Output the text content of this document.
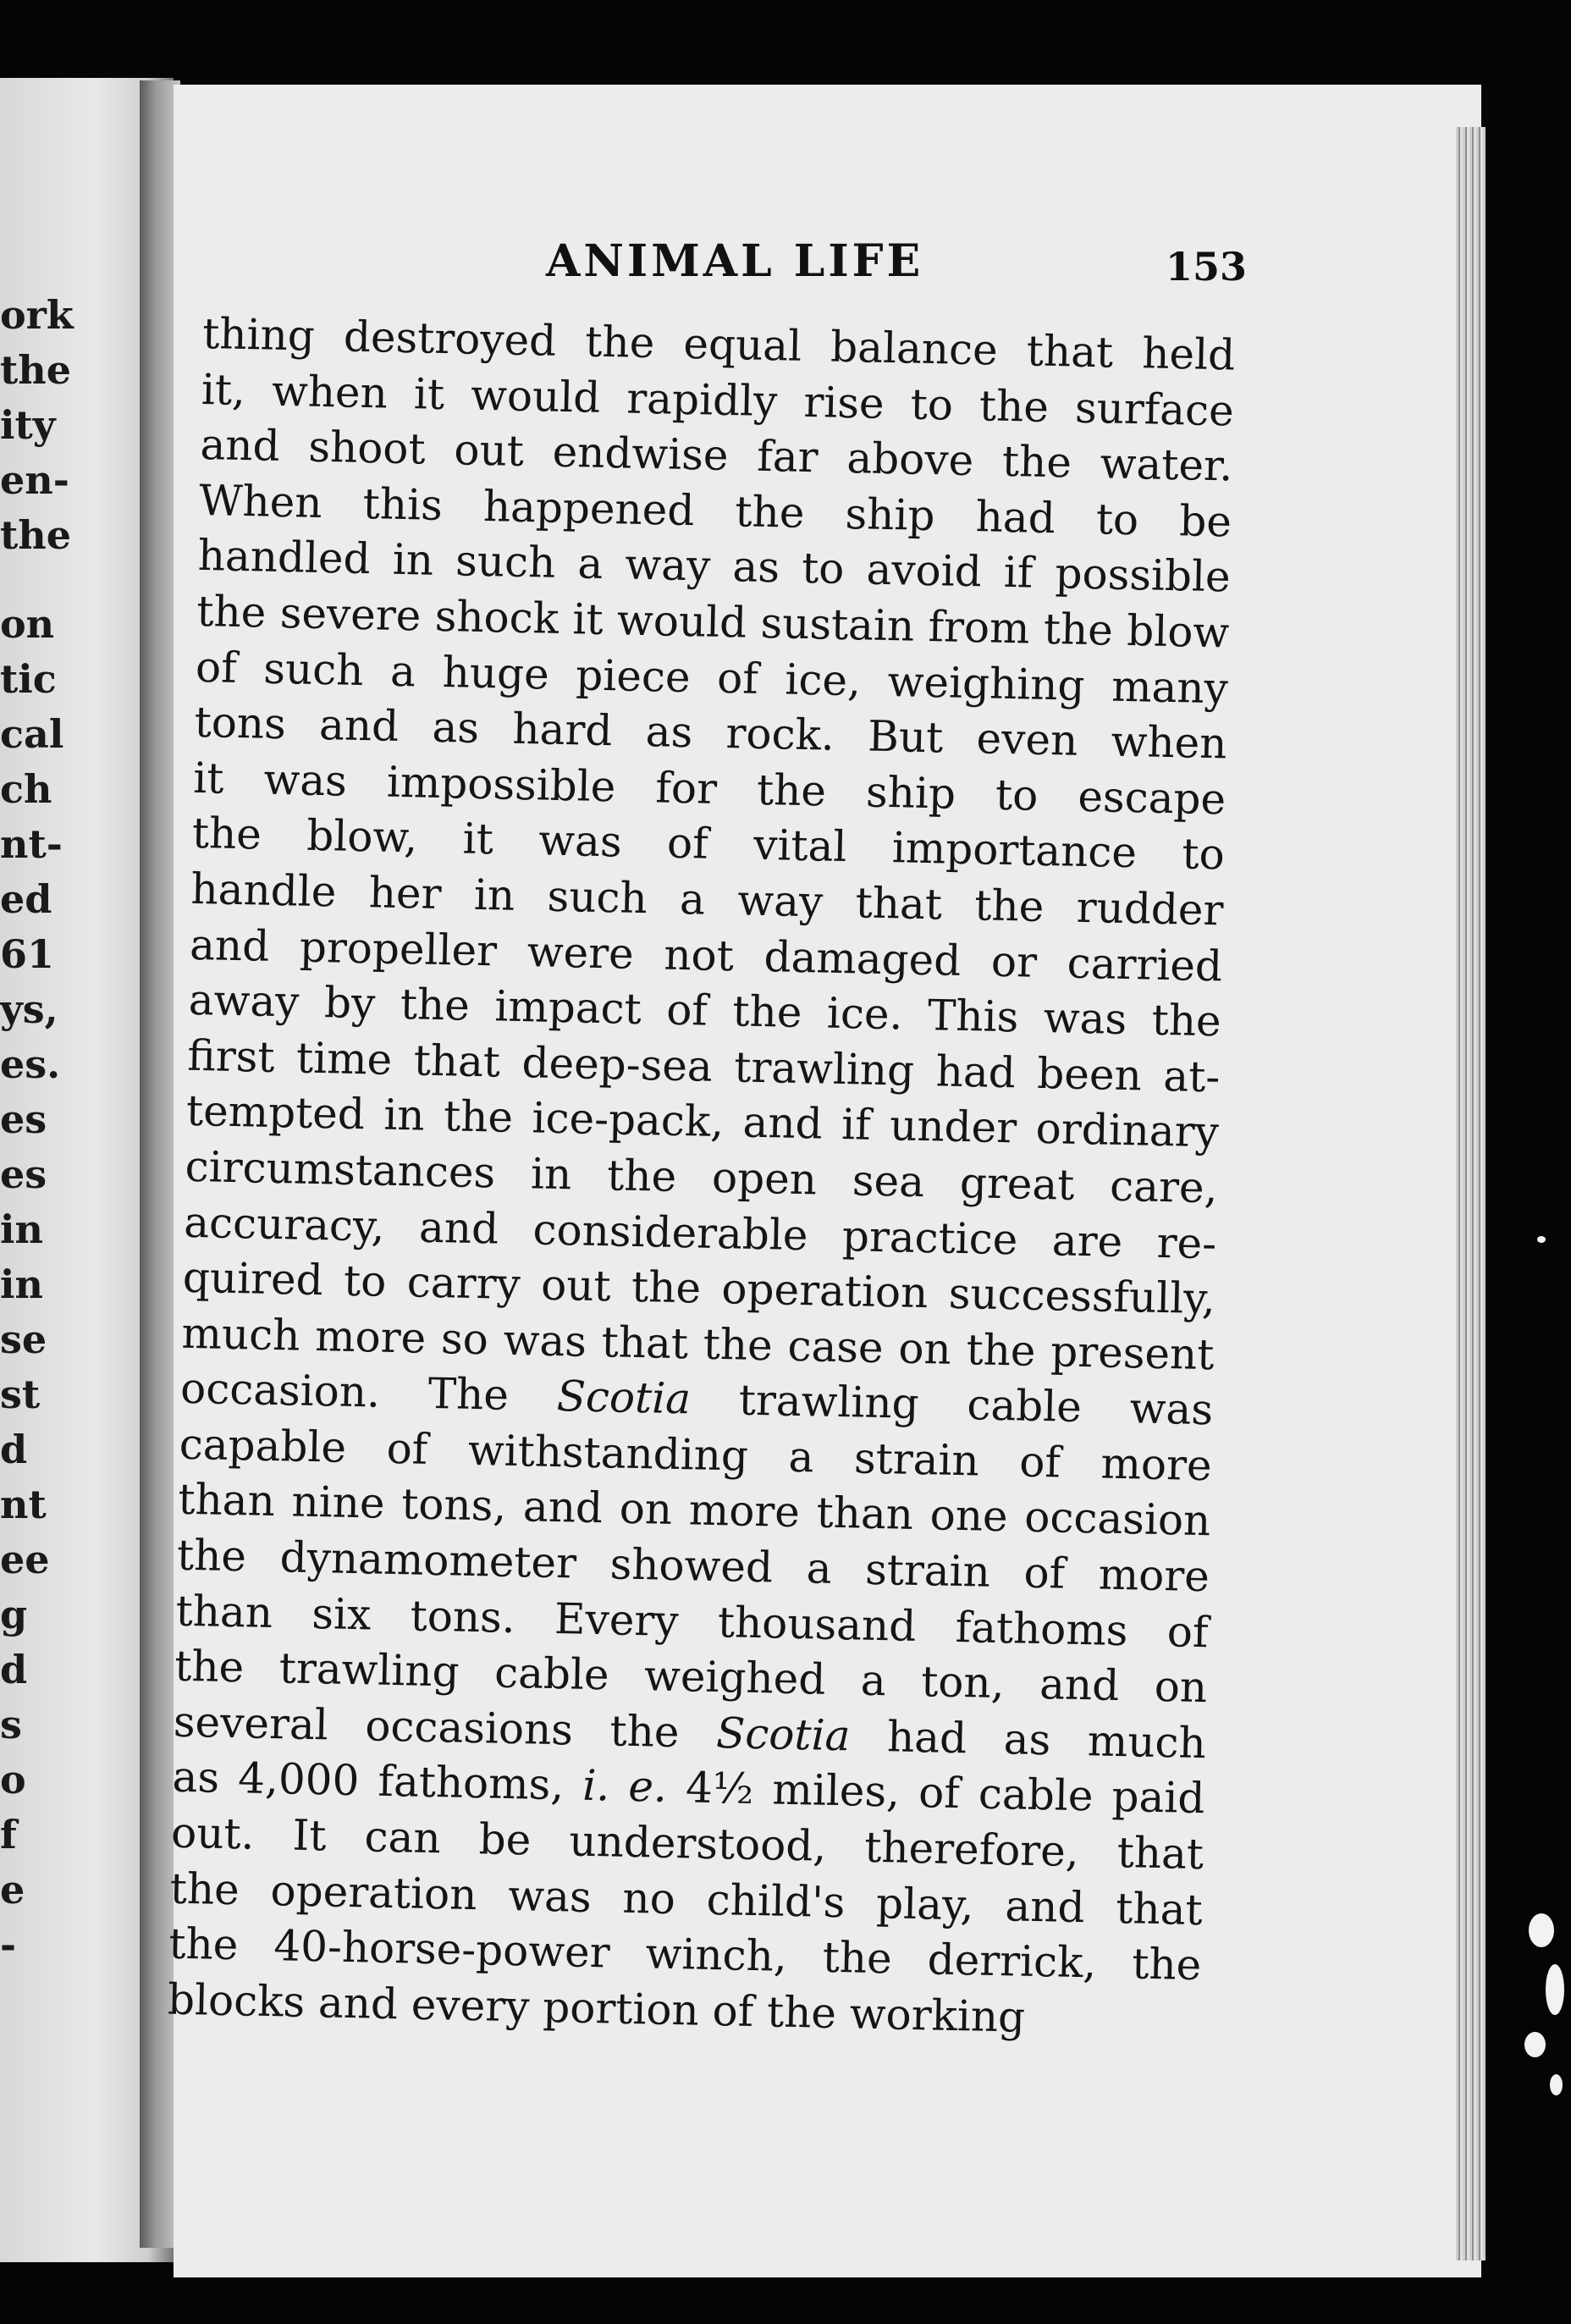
ork
the
ity
en-
the
on
tic
cal
ch
nt-
ed
61
ys,
es.
es
es
in
in
se
st
d
nt
ee
g
d
s
o
f
e
-
ANIMAL LIFE	153
thing destroyed the equal balance that held
it, when it would rapidly rise to the surface
and shoot out endwise far above the water.
When this happened the ship had to be
handled in such a way as to avoid if possible
the severe shock it would sustain from the blow
of such a huge piece of ice, weighing many
tons and as hard as rock. But even when
it was impossible for the ship to escape
the blow, it was of vital importance to
handle her in such a way that the rudder
and propeller were not damaged or carried
away by the impact of the ice. This was the
first time that deep-sea trawling had been at-
tempted in the ice-pack, and if under ordinary
circumstances in the open sea great care,
accuracy, and considerable practice are re-
quired to carry out the operation successfully,
much more so was that the case on the present
occasion. The Scotia trawling cable was
capable of withstanding a strain of more
than nine tons, and on more than one occasion
the dynamometer showed a strain of more
than six tons. Every thousand fathoms of
the trawling cable weighed a ton, and on
several occasions the Scotia had as much
as 4,000 fathoms, i. e. 4½ miles, of cable paid
out. It can be understood, therefore, that
the operation was no child's play, and that
the 40-horse-power winch, the derrick, the
blocks and every portion of the working
